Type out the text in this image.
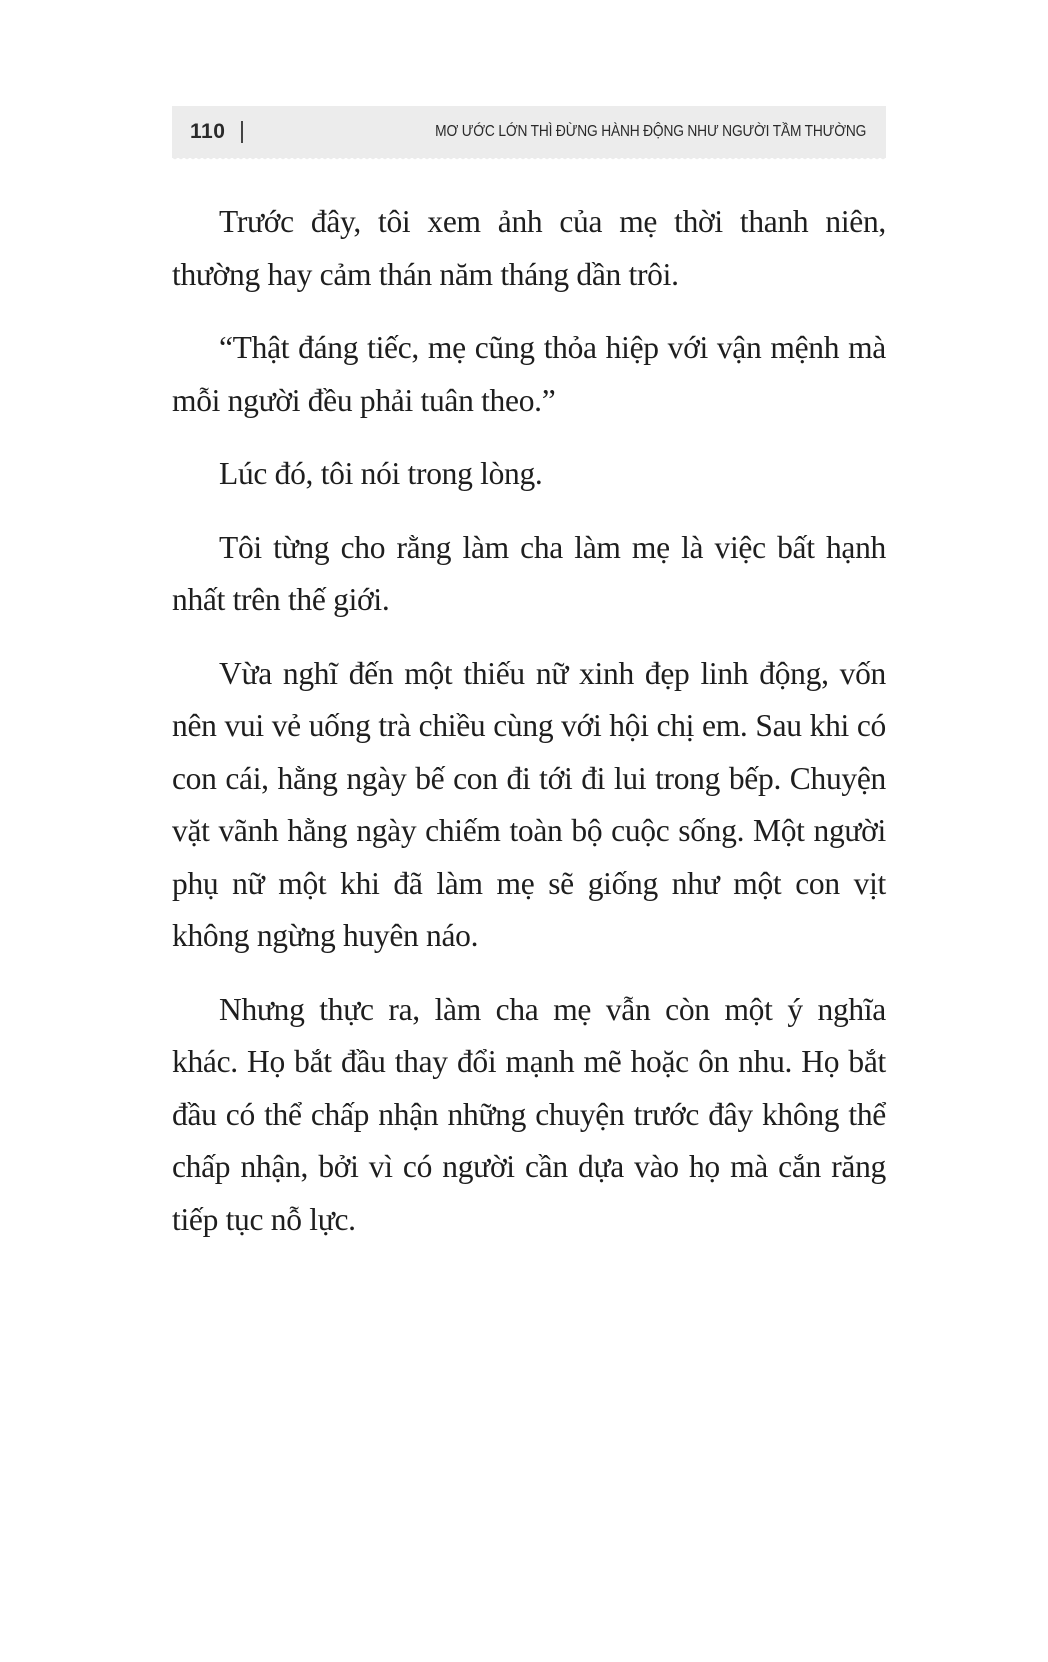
110	MƠ ƯỚC LỚN THÌ ĐỪNG HÀNH ĐỘNG NHƯ NGƯỜI TẦM THƯỜNG

Trước đây, tôi xem ảnh của mẹ thời thanh niên, thường hay cảm thán năm tháng dần trôi.

“Thật đáng tiếc, mẹ cũng thỏa hiệp với vận mệnh mà mỗi người đều phải tuân theo.”

Lúc đó, tôi nói trong lòng.

Tôi từng cho rằng làm cha làm mẹ là việc bất hạnh nhất trên thế giới.

Vừa nghĩ đến một thiếu nữ xinh đẹp linh động, vốn nên vui vẻ uống trà chiều cùng với hội chị em. Sau khi có con cái, hằng ngày bế con đi tới đi lui trong bếp. Chuyện vặt vãnh hằng ngày chiếm toàn bộ cuộc sống. Một người phụ nữ một khi đã làm mẹ sẽ giống như một con vịt không ngừng huyên náo.

Nhưng thực ra, làm cha mẹ vẫn còn một ý nghĩa khác. Họ bắt đầu thay đổi mạnh mẽ hoặc ôn nhu. Họ bắt đầu có thể chấp nhận những chuyện trước đây không thể chấp nhận, bởi vì có người cần dựa vào họ mà cắn răng tiếp tục nỗ lực.
